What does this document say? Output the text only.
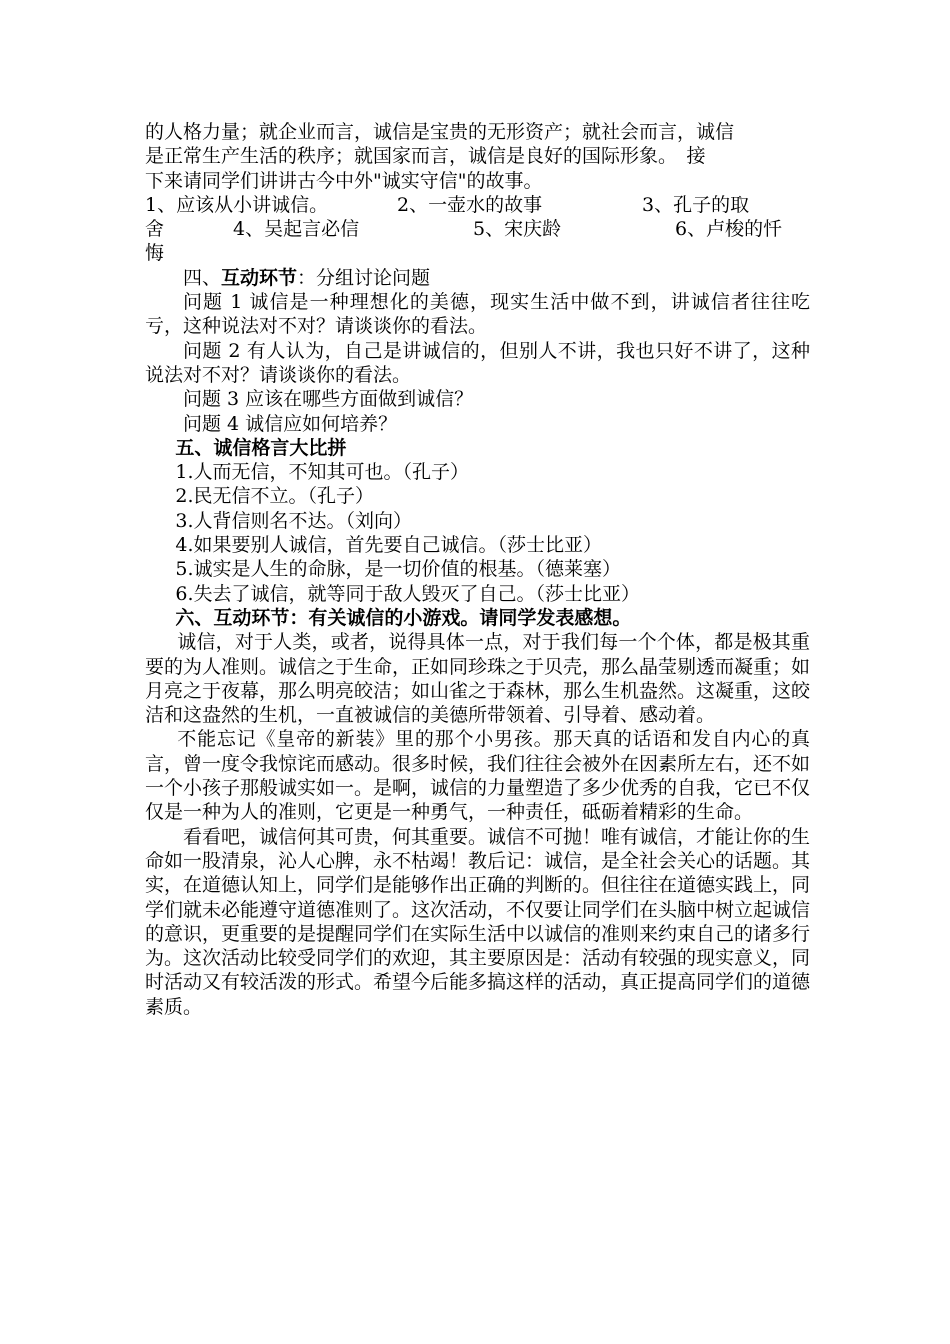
的人格力量；就企业而言，诚信是宝贵的无形资产；就社会而言，诚信

是正常生产生活的秩序；就国家而言，诚信是良好的国际形象。　接

下来请同学们讲讲古今中外"诚实守信"的故事。

1、应该从小讲诚信。	2、一壶水的故事	3、孔子的取
舍	4、吴起言必信	5、宋庆龄	6、卢梭的忏
悔

四、互动环节：分组讨论问题

问题 1 诚信是一种理想化的美德，现实生活中做不到，讲诚信者往往吃亏，这种说法对不对？请谈谈你的看法。

问题 2 有人认为，自己是讲诚信的，但别人不讲，我也只好不讲了，这种说法对不对？请谈谈你的看法。

问题 3 应该在哪些方面做到诚信？

问题 4 诚信应如何培养？

五、诚信格言大比拼

1.人而无信，不知其可也。（孔子）

2.民无信不立。（孔子）

3.人背信则名不达。（刘向）

4.如果要别人诚信，首先要自己诚信。（莎士比亚）

5.诚实是人生的命脉，是一切价值的根基。（德莱塞）

6.失去了诚信，就等同于敌人毁灭了自己。（莎士比亚）

六、互动环节：有关诚信的小游戏。请同学发表感想。

诚信，对于人类，或者，说得具体一点，对于我们每一个个体，都是极其重要的为人准则。诚信之于生命，正如同珍珠之于贝壳，那么晶莹剔透而凝重；如月亮之于夜幕，那么明亮皎洁；如山雀之于森林，那么生机盎然。这凝重，这皎洁和这盎然的生机，一直被诚信的美德所带领着、引导着、感动着。

不能忘记《皇帝的新装》里的那个小男孩。那天真的话语和发自内心的真言，曾一度令我惊诧而感动。很多时候，我们往往会被外在因素所左右，还不如一个小孩子那般诚实如一。是啊，诚信的力量塑造了多少优秀的自我，它已不仅仅是一种为人的准则，它更是一种勇气，一种责任，砥砺着精彩的生命。

看看吧，诚信何其可贵，何其重要。诚信不可抛！唯有诚信，才能让你的生命如一股清泉，沁人心脾，永不枯竭！教后记：诚信，是全社会关心的话题。其实，在道德认知上，同学们是能够作出正确的判断的。但往往在道德实践上，同学们就未必能遵守道德准则了。这次活动，不仅要让同学们在头脑中树立起诚信的意识，更重要的是提醒同学们在实际生活中以诚信的准则来约束自己的诸多行为。这次活动比较受同学们的欢迎，其主要原因是：活动有较强的现实意义，同时活动又有较活泼的形式。希望今后能多搞这样的活动，真正提高同学们的道德素质。
